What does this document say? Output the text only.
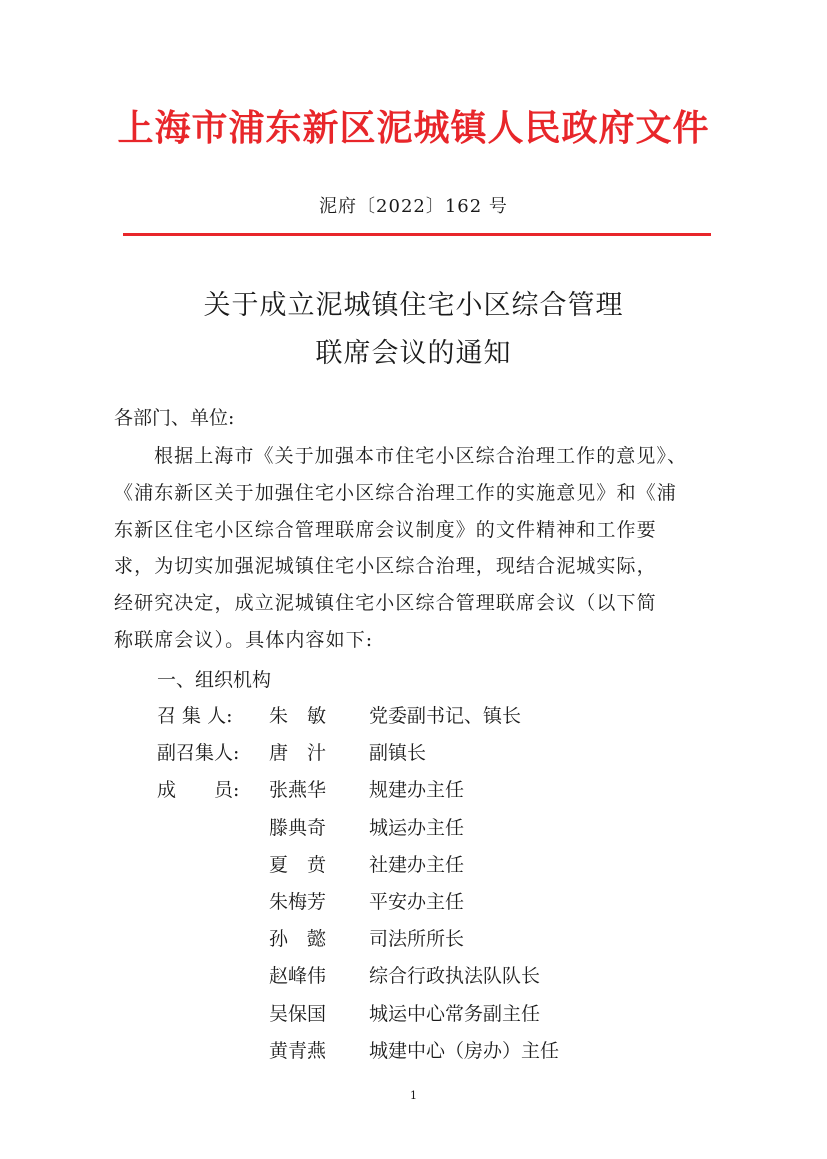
上海市浦东新区泥城镇人民政府文件
泥府〔2022〕162 号
关于成立泥城镇住宅小区综合管理
联席会议的通知
各部门、单位:
根据上海市《关于加强本市住宅小区综合治理工作的意见》、
《浦东新区关于加强住宅小区综合治理工作的实施意见》和《浦
东新区住宅小区综合管理联席会议制度》的文件精神和工作要
求，为切实加强泥城镇住宅小区综合治理，现结合泥城实际，
经研究决定，成立泥城镇住宅小区综合管理联席会议（以下简
称联席会议）。具体内容如下:
一、组织机构
召 集 人: 朱　敏 党委副书记、镇长
副召集人: 唐　汁 副镇长
成　　员: 张燕华 规建办主任
滕典奇 城运办主任
夏　贲 社建办主任
朱梅芳 平安办主任
孙　懿 司法所所长
赵峰伟 综合行政执法队队长
吴保国 城运中心常务副主任
黄青燕 城建中心（房办）主任
1
